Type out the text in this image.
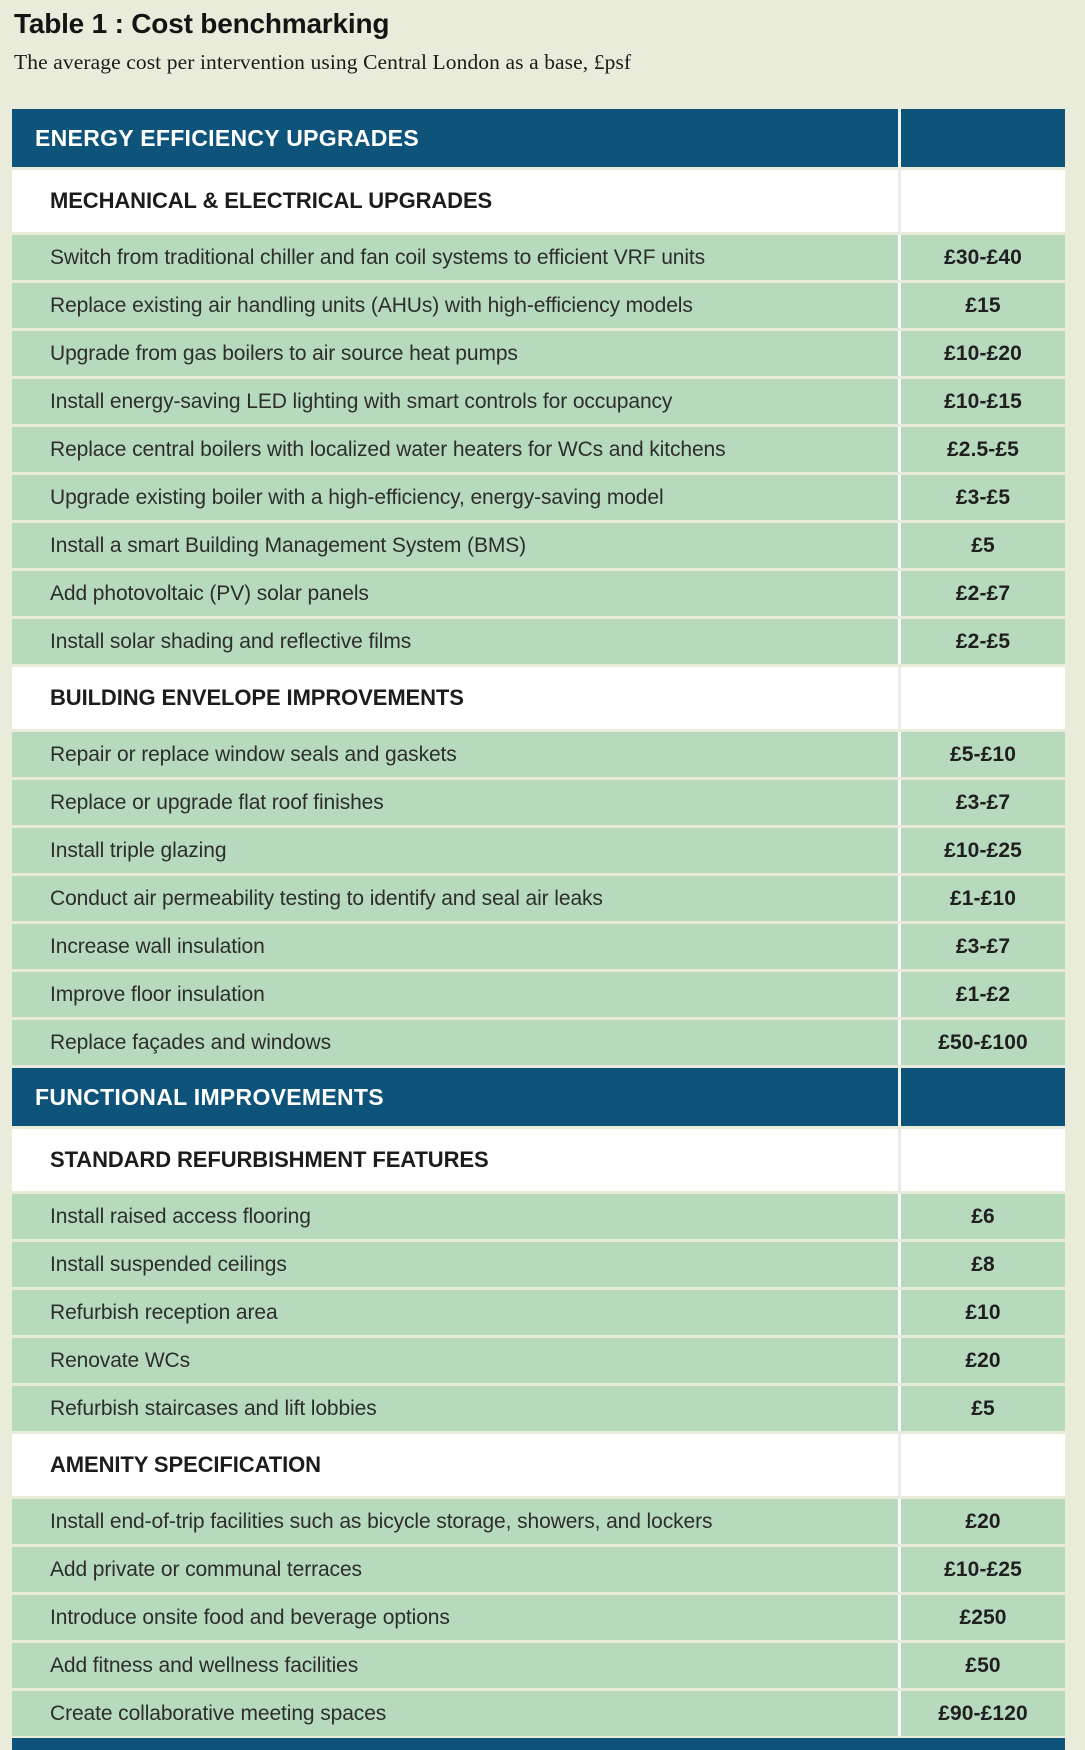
Table 1 : Cost benchmarking

The average cost per intervention using Central London as a base, £psf

ENERGY EFFICIENCY UPGRADES
MECHANICAL & ELECTRICAL UPGRADES
Switch from traditional chiller and fan coil systems to efficient VRF units	£30-£40
Replace existing air handling units (AHUs) with high-efficiency models	£15
Upgrade from gas boilers to air source heat pumps	£10-£20
Install energy-saving LED lighting with smart controls for occupancy	£10-£15
Replace central boilers with localized water heaters for WCs and kitchens	£2.5-£5
Upgrade existing boiler with a high-efficiency, energy-saving model	£3-£5
Install a smart Building Management System (BMS)	£5
Add photovoltaic (PV) solar panels	£2-£7
Install solar shading and reflective films	£2-£5
BUILDING ENVELOPE IMPROVEMENTS
Repair or replace window seals and gaskets	£5-£10
Replace or upgrade flat roof finishes	£3-£7
Install triple glazing	£10-£25
Conduct air permeability testing to identify and seal air leaks	£1-£10
Increase wall insulation	£3-£7
Improve floor insulation	£1-£2
Replace façades and windows	£50-£100
FUNCTIONAL IMPROVEMENTS
STANDARD REFURBISHMENT FEATURES
Install raised access flooring	£6
Install suspended ceilings	£8
Refurbish reception area	£10
Renovate WCs	£20
Refurbish staircases and lift lobbies	£5
AMENITY SPECIFICATION
Install end-of-trip facilities such as bicycle storage, showers, and lockers	£20
Add private or communal terraces	£10-£25
Introduce onsite food and beverage options	£250
Add fitness and wellness facilities	£50
Create collaborative meeting spaces	£90-£120
